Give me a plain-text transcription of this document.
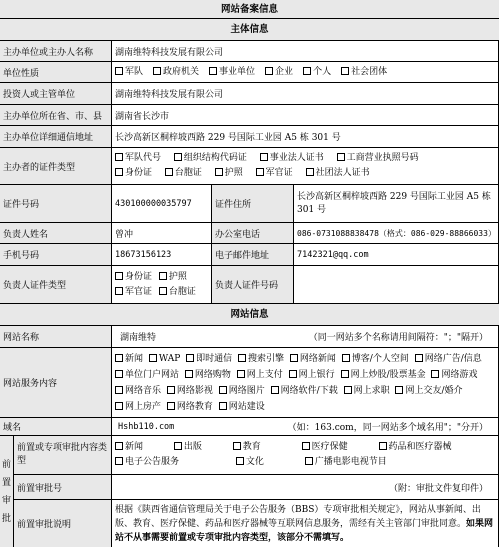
网站备案信息
主体信息
主办单位或主办人名称	湖南维特科技发展有限公司
单位性质	军队	政府机关	事业单位	企业	个人	社会团体
投资人或主管单位	湖南维特科技发展有限公司
主办单位所在省、市、县	湖南省长沙市
主办单位详细通信地址	长沙高新区桐梓坡西路 229 号国际工业园 A5 栋 301 号
主办者的证件类型
军队代号	组织结构代码证	事业法人证书	工商营业执照号码
身份证	台胞证	护照	军官证	社团法人证书
证件号码	430100000035797	证件住所
长沙高新区桐梓坡西路 229 号国际工业园 A5 栋 301 号
负责人姓名	曾冲	办公室电话	086-0731088838478（格式：086-029-88866033）
手机号码	18673156123	电子邮件地址	7142321@qq.com
负责人证件类型
身份证 护照
军官证 台胞证
负责人证件号码
网站信息
网站名称	湖南维特	（同一网站多个名称请用间隔符："；"隔开）
网站服务内容
新闻 WAP 即时通信 搜索引擎 网络新闻 博客/个人空间 网络广告/信息 单位门户网站 网络购物 网上支付 网上银行 网上炒股/股票基金 网络游戏 网络音乐 网络影视 网络图片 网络软件/下载 网上求职 网上交友/婚介 网上房产 网络教育 网站建设
域名	Hshb110.com	（如：163.com，同一网站多个域名用"；"分开）
前
置
审
批
前置或专项审批内容类型
新闻	出版	教育	医疗保健	药品和医疗器械
电子公告服务	文化	广播电影电视节目
前置审批号	（附：审批文件复印件）
前置审批说明
根据《陕西省通信管理局关于电子公告服务（BBS）专项审批相关规定》，网站从事新闻、出版、教育、医疗保健、药品和医疗器械等互联网信息服务，需经有关主管部门审批同意。如果网站不从事需要前置或专项审批内容类型，该部分不需填写。
